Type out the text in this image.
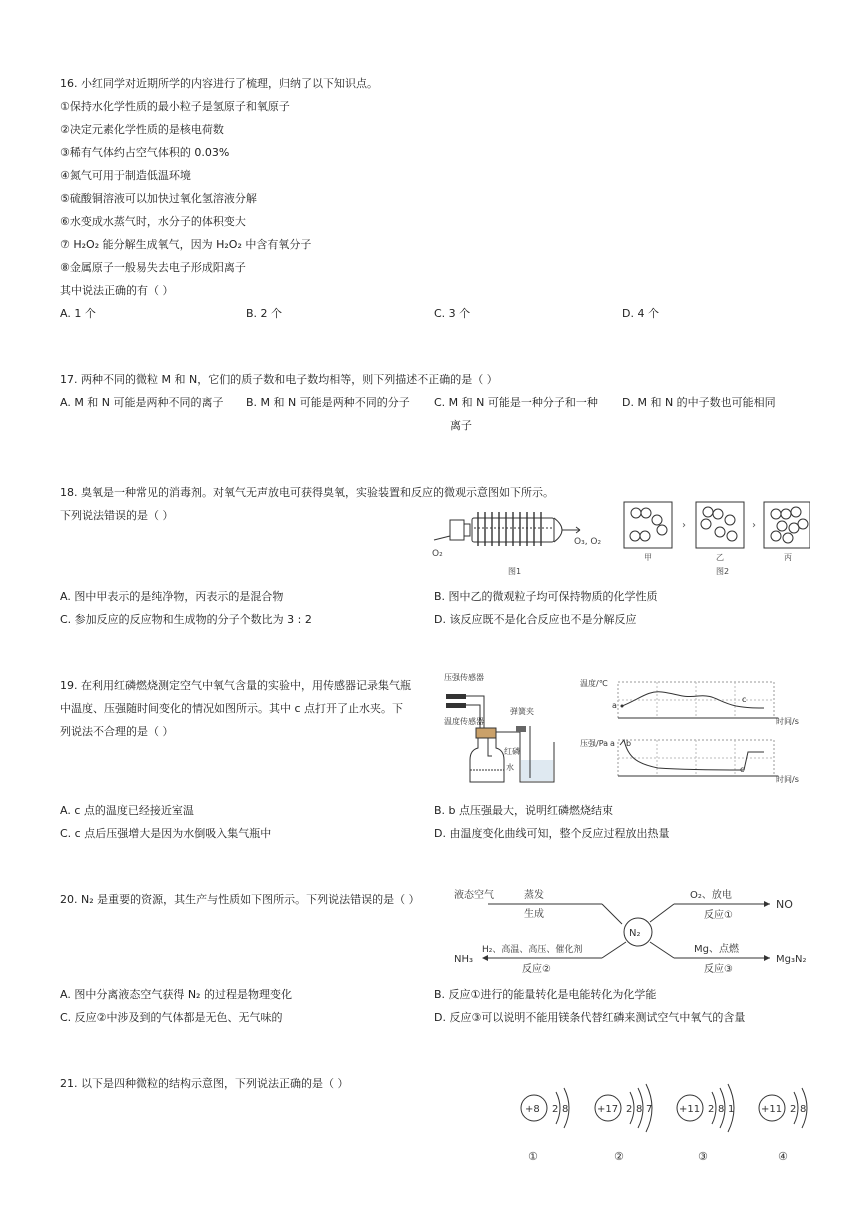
16. 小红同学对近期所学的内容进行了梳理，归纳了以下知识点。
①保持水化学性质的最小粒子是氢原子和氧原子
②决定元素化学性质的是核电荷数
③稀有气体约占空气体积的 0.03%
④氮气可用于制造低温环境
⑤硫酸铜溶液可以加快过氧化氢溶液分解
⑥水变成水蒸气时，水分子的体积变大
⑦ H₂O₂ 能分解生成氧气，因为 H₂O₂ 中含有氧分子
⑧金属原子一般易失去电子形成阳离子
其中说法正确的有（ ）
A. 1 个	B. 2 个	C. 3 个	D. 4 个
17. 两种不同的微粒 M 和 N，它们的质子数和电子数均相等，则下列描述不正确的是（ ）
A. M 和 N 可能是两种不同的离子 B. M 和 N 可能是两种不同的分子 C. M 和 N 可能是一种分子和一种
离子
D. M 和 N 的中子数也可能相同
18. 臭氧是一种常见的消毒剂。对氧气无声放电可获得臭氧，实验装置和反应的微观示意图如下所示。
下列说法错误的是（ ）
O₂
O₃, O₂
图1
甲
›
乙
图2
›
丙
A. 图中甲表示的是纯净物，丙表示的是混合物	B. 图中乙的微观粒子均可保持物质的化学性质
C. 参加反应的反应物和生成物的分子个数比为 3 : 2	D. 该反应既不是化合反应也不是分解反应
19. 在利用红磷燃烧测定空气中氧气含量的实验中，用传感器记录集气瓶
中温度、压强随时间变化的情况如图所示。其中 c 点打开了止水夹。下
列说法不合理的是（ ）
压强传感器
温度传感器
弹簧夹
红磷
水
温度/℃
a
c
时间/s
压强/Pa a b
c
时间/s
A. c 点的温度已经接近室温	B. b 点压强最大，说明红磷燃烧结束
C. c 点后压强增大是因为水倒吸入集气瓶中	D. 由温度变化曲线可知，整个反应过程放出热量
20. N₂ 是重要的资源，其生产与性质如下图所示。下列说法错误的是（ ）	液态空气	蒸发
生成
N₂
O₂、放电
反应①
NO
H₂、高温、高压、催化剂
反应②
NH₃
Mg、点燃
反应③
Mg₃N₂
A. 图中分离液态空气获得 N₂ 的过程是物理变化	B. 反应①进行的能量转化是电能转化为化学能
C. 反应②中涉及到的气体都是无色、无气味的	D. 反应③可以说明不能用镁条代替红磷来测试空气中氧气的含量
21. 以下是四种微粒的结构示意图，下列说法正确的是（ ）
+8 2 8
①
+17 2 8 7
②
+11 2 8 1
③
+11 2 8
④
